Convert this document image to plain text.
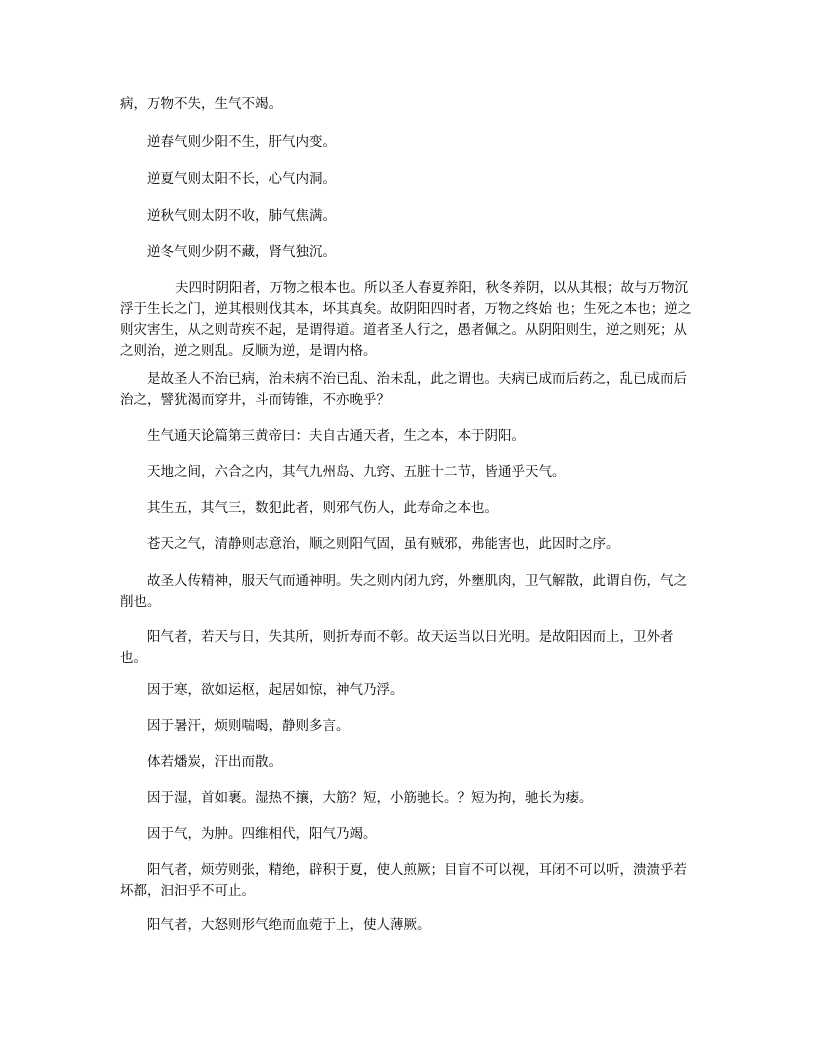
病，万物不失，生气不竭。

逆春气则少阳不生，肝气内变。

逆夏气则太阳不长，心气内洞。

逆秋气则太阴不收，肺气焦满。

逆冬气则少阴不藏，肾气独沉。

夫四时阴阳者，万物之根本也。所以圣人春夏养阳，秋冬养阴，以从其根；故与万物沉浮于生长之门，逆其根则伐其本，坏其真矣。故阴阳四时者，万物之终始 也；生死之本也；逆之则灾害生，从之则苛疾不起，是谓得道。道者圣人行之，愚者佩之。从阴阳则生，逆之则死；从之则治，逆之则乱。反顺为逆，是谓内格。

是故圣人不治已病，治未病不治已乱、治未乱，此之谓也。夫病已成而后药之，乱已成而后治之，譬犹渴而穿井，斗而铸锥，不亦晚乎？

生气通天论篇第三黄帝曰：夫自古通天者，生之本，本于阴阳。

天地之间，六合之内，其气九州岛、九窍、五脏十二节，皆通乎天气。

其生五，其气三，数犯此者，则邪气伤人，此寿命之本也。

苍天之气，清静则志意治，顺之则阳气固，虽有贼邪，弗能害也，此因时之序。

故圣人传精神，服天气而通神明。失之则内闭九窍，外壅肌肉，卫气解散，此谓自伤，气之削也。

阳气者，若天与日，失其所，则折寿而不彰。故天运当以日光明。是故阳因而上，卫外者也。

因于寒，欲如运枢，起居如惊，神气乃浮。

因于暑汗，烦则喘喝，静则多言。

体若燔炭，汗出而散。

因于湿，首如裹。湿热不攘，大筋？短，小筋驰长。？短为拘，驰长为痿。

因于气，为肿。四维相代，阳气乃竭。

阳气者，烦劳则张，精绝，辟积于夏，使人煎厥；目盲不可以视，耳闭不可以听，溃溃乎若坏都，汩汩乎不可止。

阳气者，大怒则形气绝而血菀于上，使人薄厥。
